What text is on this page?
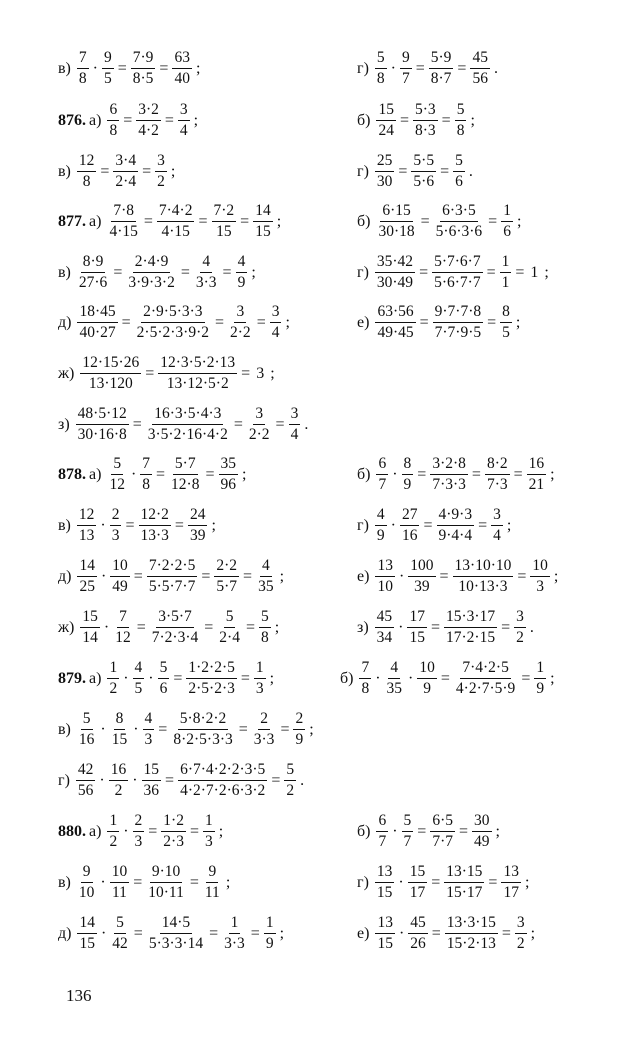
$в) \frac{7}{8} \cdot \frac{9}{5} = \frac{7\cdot 9}{8\cdot 5} = \frac{63}{40}$ ;	$г) \frac{5}{8} \cdot \frac{9}{7} = \frac{5\cdot 9}{8\cdot 7} = \frac{45}{56}$ .
876. $а) \frac{6}{8} = \frac{3\cdot 2}{4\cdot 2} = \frac{3}{4}$ ;	$б) \frac{15}{24} = \frac{5\cdot 3}{8\cdot 3} = \frac{5}{8}$ ;
$в) \frac{12}{8} = \frac{3\cdot 4}{2\cdot 4} = \frac{3}{2}$ ;	$г) \frac{25}{30} = \frac{5\cdot 5}{5\cdot 6} = \frac{5}{6}$ .
877. $а) \frac{7\cdot 8}{4\cdot 15} = \frac{7\cdot 4\cdot 2}{4\cdot 15} = \frac{7\cdot 2}{15} = \frac{14}{15}$ ;	$б) \frac{6\cdot 15}{30\cdot 18} = \frac{6\cdot 3\cdot 5}{5\cdot 6\cdot 3\cdot 6} = \frac{1}{6}$ ;
$в) \frac{8\cdot 9}{27\cdot 6} = \frac{2\cdot 4\cdot 9}{3\cdot 9\cdot 3\cdot 2} = \frac{4}{3\cdot 3} = \frac{4}{9}$ ;	$г) \frac{35\cdot 42}{30\cdot 49} = \frac{5\cdot 7\cdot 6\cdot 7}{5\cdot 6\cdot 7\cdot 7} = \frac{1}{1} = 1$ ;
$д) \frac{18\cdot 45}{40\cdot 27} = \frac{2\cdot 9\cdot 5\cdot 3\cdot 3}{2\cdot 5\cdot 2\cdot 3\cdot 9\cdot 2} = \frac{3}{2\cdot 2} = \frac{3}{4}$ ;	$е) \frac{63\cdot 56}{49\cdot 45} = \frac{9\cdot 7\cdot 7\cdot 8}{7\cdot 7\cdot 9\cdot 5} = \frac{8}{5}$ ;
$ж) \frac{12\cdot 15\cdot 26}{13\cdot 120} = \frac{12\cdot 3\cdot 5\cdot 2\cdot 13}{13\cdot 12\cdot 5\cdot 2} = 3$ ;
$з) \frac{48\cdot 5\cdot 12}{30\cdot 16\cdot 8} = \frac{16\cdot 3\cdot 5\cdot 4\cdot 3}{3\cdot 5\cdot 2\cdot 16\cdot 4\cdot 2} = \frac{3}{2\cdot 2} = \frac{3}{4}$ .
878. $а) \frac{5}{12} \cdot \frac{7}{8} = \frac{5\cdot 7}{12\cdot 8} = \frac{35}{96}$ ;	$б) \frac{6}{7} \cdot \frac{8}{9} = \frac{3\cdot 2\cdot 8}{7\cdot 3\cdot 3} = \frac{8\cdot 2}{7\cdot 3} = \frac{16}{21}$ ;
$в) \frac{12}{13} \cdot \frac{2}{3} = \frac{12\cdot 2}{13\cdot 3} = \frac{24}{39}$ ;	$г) \frac{4}{9} \cdot \frac{27}{16} = \frac{4\cdot 9\cdot 3}{9\cdot 4\cdot 4} = \frac{3}{4}$ ;
$д) \frac{14}{25} \cdot \frac{10}{49} = \frac{7\cdot 2\cdot 2\cdot 5}{5\cdot 5\cdot 7\cdot 7} = \frac{2\cdot 2}{5\cdot 7} = \frac{4}{35}$ ;	$е) \frac{13}{10} \cdot \frac{100}{39} = \frac{13\cdot 10\cdot 10}{10\cdot 13\cdot 3} = \frac{10}{3}$ ;
$ж) \frac{15}{14} \cdot \frac{7}{12} = \frac{3\cdot 5\cdot 7}{7\cdot 2\cdot 3\cdot 4} = \frac{5}{2\cdot 4} = \frac{5}{8}$ ;	$з) \frac{45}{34} \cdot \frac{17}{15} = \frac{15\cdot 3\cdot 17}{17\cdot 2\cdot 15} = \frac{3}{2}$ .
879. $а) \frac{1}{2} \cdot \frac{4}{5} \cdot \frac{5}{6} = \frac{1\cdot 2\cdot 2\cdot 5}{2\cdot 5\cdot 2\cdot 3} = \frac{1}{3}$ ;	$б) \frac{7}{8} \cdot \frac{4}{35} \cdot \frac{10}{9} = \frac{7\cdot 4\cdot 2\cdot 5}{4\cdot 2\cdot 7\cdot 5\cdot 9} = \frac{1}{9}$ ;
$в) \frac{5}{16} \cdot \frac{8}{15} \cdot \frac{4}{3} = \frac{5\cdot 8\cdot 2\cdot 2}{8\cdot 2\cdot 5\cdot 3\cdot 3} = \frac{2}{3\cdot 3} = \frac{2}{9}$ ;
$г) \frac{42}{56} \cdot \frac{16}{2} \cdot \frac{15}{36} = \frac{6\cdot 7\cdot 4\cdot 2\cdot 2\cdot 3\cdot 5}{4\cdot 2\cdot 7\cdot 2\cdot 6\cdot 3\cdot 2} = \frac{5}{2}$ .
880. $а) \frac{1}{2} \cdot \frac{2}{3} = \frac{1\cdot 2}{2\cdot 3} = \frac{1}{3}$ ;	$б) \frac{6}{7} \cdot \frac{5}{7} = \frac{6\cdot 5}{7\cdot 7} = \frac{30}{49}$ ;
$в) \frac{9}{10} \cdot \frac{10}{11} = \frac{9\cdot 10}{10\cdot 11} = \frac{9}{11}$ ;	$г) \frac{13}{15} \cdot \frac{15}{17} = \frac{13\cdot 15}{15\cdot 17} = \frac{13}{17}$ ;
$д) \frac{14}{15} \cdot \frac{5}{42} = \frac{14\cdot 5}{5\cdot 3\cdot 3\cdot 14} = \frac{1}{3\cdot 3} = \frac{1}{9}$ ;	$е) \frac{13}{15} \cdot \frac{45}{26} = \frac{13\cdot 3\cdot 15}{15\cdot 2\cdot 13} = \frac{3}{2}$ ;
136
